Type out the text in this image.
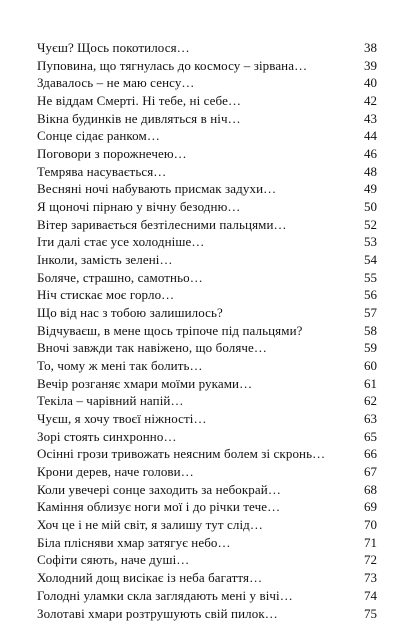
Чуєш? Щось покотилося…	38
Пуповина, що тягнулась до космосу – зірвана…	39
Здавалось – не маю сенсу…	40
Не віддам Смерті. Ні тебе, ні себе…	42
Вікна будинків не дивляться в ніч…	43
Сонце сідає ранком…	44
Поговори з порожнечею…	46
Темрява насувається…	48
Весняні ночі набувають присмак задухи…	49
Я щоночі пірнаю у вічну безодню…	50
Вітер заривається безтілесними пальцями…	52
Іти далі стає усе холодніше…	53
Інколи, замість зелені…	54
Боляче, страшно, самотньо…	55
Ніч стискає моє горло…	56
Що від нас з тобою залишилось?	57
Відчуваєш, в мене щось тріпоче під пальцями?	58
Вночі завжди так навіжено, що боляче…	59
То, чому ж мені так болить…	60
Вечір розганяє хмари моїми руками…	61
Текіла – чарівний напій…	62
Чуєш, я хочу твоєї ніжності…	63
Зорі стоять синхронно…	65
Осінні грози тривожать неясним болем зі скронь…	66
Крони дерев, наче голови…	67
Коли увечері сонце заходить за небокрай…	68
Каміння облизує ноги мої і до річки тече…	69
Хоч це і не мій світ, я залишу тут слід…	70
Біла плісняви хмар затягує небо…	71
Софіти сяють, наче душі…	72
Холодний дощ висікає із неба багаття…	73
Голодні уламки скла заглядають мені у вічі…	74
Золотаві хмари розтрушують свій пилок…	75
